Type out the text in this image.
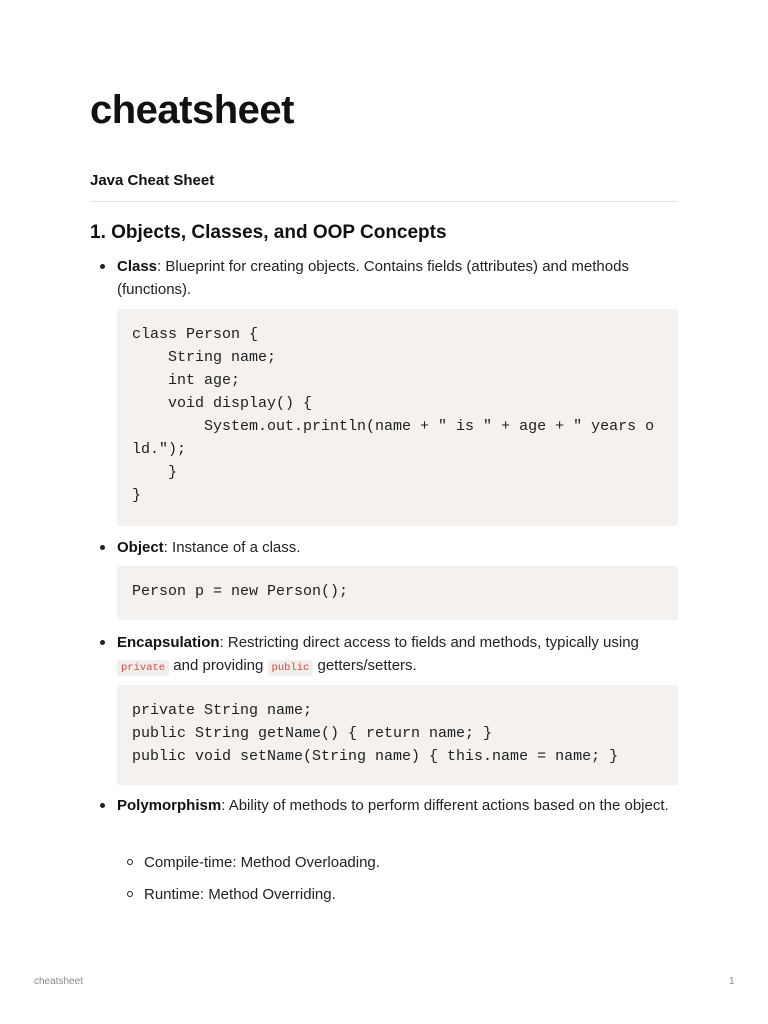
cheatsheet
Java Cheat Sheet
1. Objects, Classes, and OOP Concepts
Class: Blueprint for creating objects. Contains fields (attributes) and methods (functions).
class Person {
String name;
int age;
void display() {
System.out.println(name + " is " + age + " years old.");
}
}
Object: Instance of a class.
Person p = new Person();
Encapsulation: Restricting direct access to fields and methods, typically using private and providing public getters/setters.
private String name;
public String getName() { return name; }
public void setName(String name) { this.name = name; }
Polymorphism: Ability of methods to perform different actions based on the object.
Compile-time: Method Overloading.
Runtime: Method Overriding.
cheatsheet	1
